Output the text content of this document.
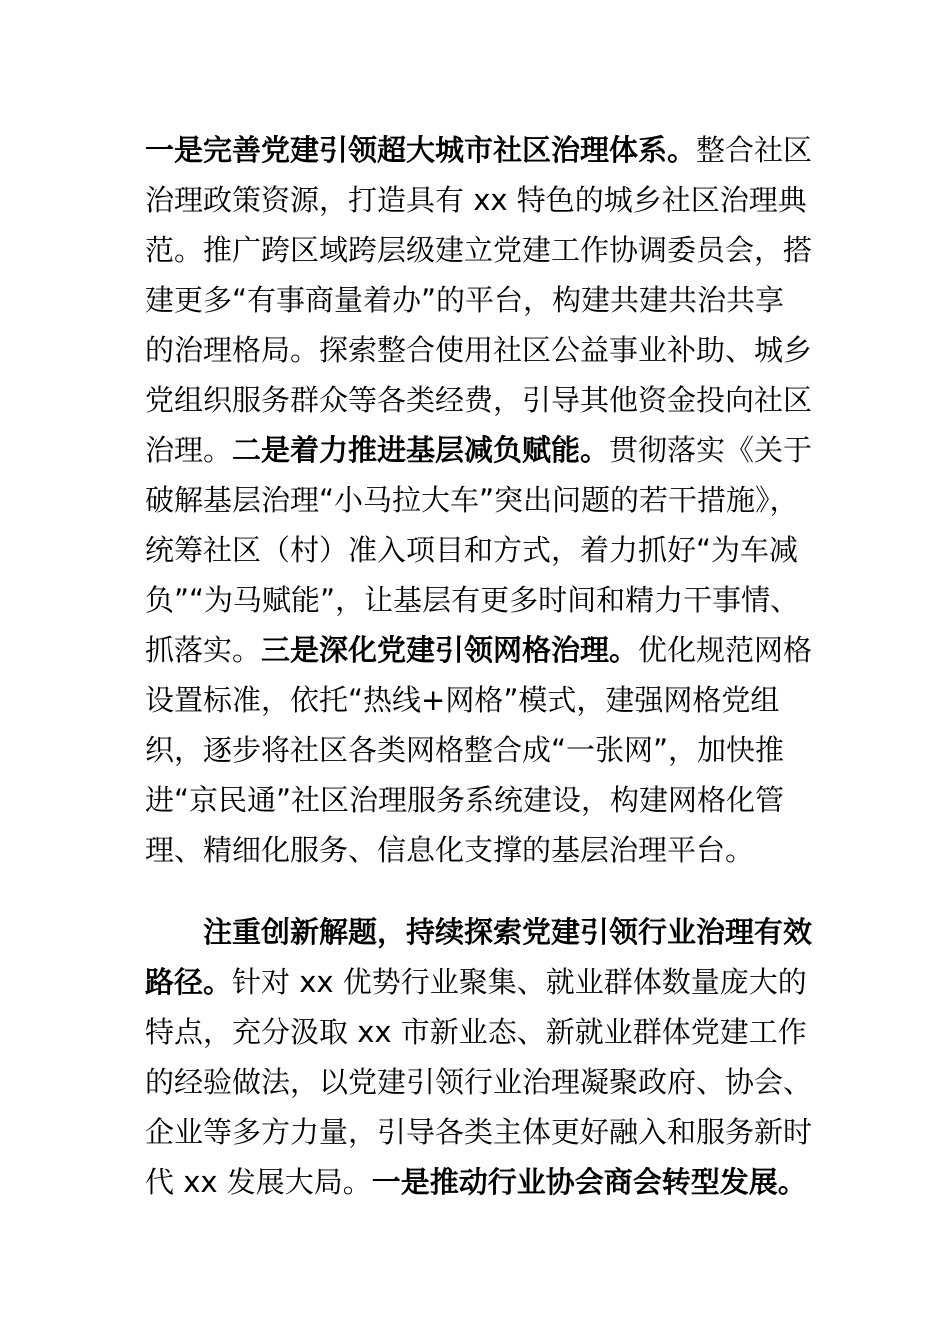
一是完善党建引领超大城市社区治理体系。整合社区
治理政策资源，打造具有 xx 特色的城乡社区治理典
范。推广跨区域跨层级建立党建工作协调委员会，搭
建更多“有事商量着办”的平台，构建共建共治共享
的治理格局。探索整合使用社区公益事业补助、城乡
党组织服务群众等各类经费，引导其他资金投向社区
治理。二是着力推进基层减负赋能。贯彻落实《关于
破解基层治理“小马拉大车”突出问题的若干措施》，
统筹社区（村）准入项目和方式，着力抓好“为车减
负”“为马赋能”，让基层有更多时间和精力干事情、
抓落实。三是深化党建引领网格治理。优化规范网格
设置标准，依托“热线+网格”模式，建强网格党组
织，逐步将社区各类网格整合成“一张网”，加快推
进“京民通”社区治理服务系统建设，构建网格化管
理、精细化服务、信息化支撑的基层治理平台。
注重创新解题，持续探索党建引领行业治理有效
路径。针对 xx 优势行业聚集、就业群体数量庞大的
特点，充分汲取 xx 市新业态、新就业群体党建工作
的经验做法，以党建引领行业治理凝聚政府、协会、
企业等多方力量，引导各类主体更好融入和服务新时
代 xx 发展大局。一是推动行业协会商会转型发展。
